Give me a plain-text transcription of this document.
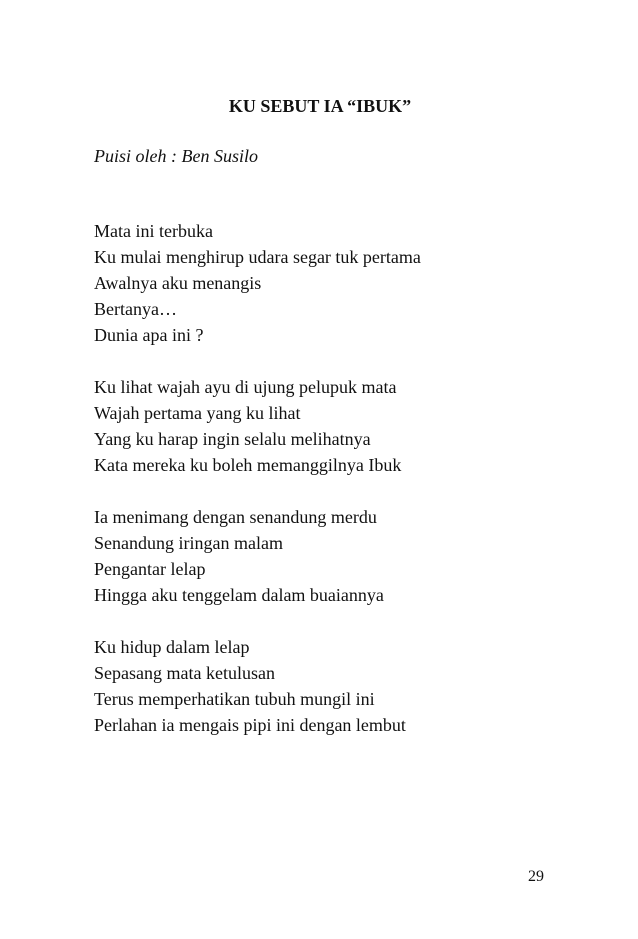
KU SEBUT IA “IBUK”

Puisi oleh : Ben Susilo

Mata ini terbuka
Ku mulai menghirup udara segar tuk pertama
Awalnya aku menangis
Bertanya…
Dunia apa ini ?
Ku lihat wajah ayu di ujung pelupuk mata
Wajah pertama yang ku lihat
Yang ku harap ingin selalu melihatnya
Kata mereka ku boleh memanggilnya Ibuk
Ia menimang dengan senandung merdu
Senandung iringan malam
Pengantar lelap
Hingga aku tenggelam dalam buaiannya
Ku hidup dalam lelap
Sepasang mata ketulusan
Terus memperhatikan tubuh mungil ini
Perlahan ia mengais pipi ini dengan lembut

29
